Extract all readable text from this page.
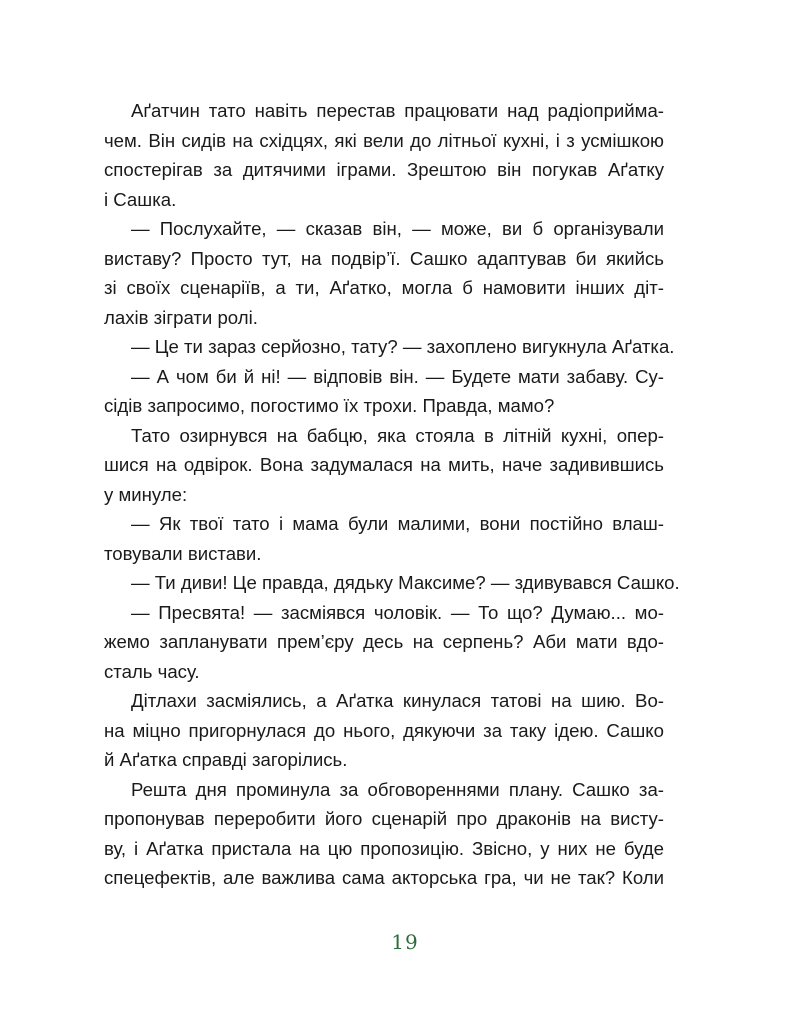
Аґатчин тато навіть перестав працювати над радіоприйма-
чем. Він сидів на східцях, які вели до літньої кухні, і з усмішкою
спостерігав за дитячими іграми. Зрештою він погукав Аґатку
і Сашка.
— Послухайте, — сказав він, — може, ви б організували
виставу? Просто тут, на подвір’ї. Сашко адаптував би якийсь
зі своїх сценаріїв, а ти, Аґатко, могла б намовити інших діт-
лахів зіграти ролі.
— Це ти зараз серйозно, тату? — захоплено вигукнула Аґатка.
— А чом би й ні! — відповів він. — Будете мати забаву. Су-
сідів запросимо, погостимо їх трохи. Правда, мамо?
Тато озирнувся на бабцю, яка стояла в літній кухні, опер-
шися на одвірок. Вона задумалася на мить, наче задивившись
у минуле:
— Як твої тато і мама були малими, вони постійно влаш-
товували вистави.
— Ти диви! Це правда, дядьку Максиме? — здивувався Сашко.
— Пресвята! — засміявся чоловік. — То що? Думаю... мо-
жемо запланувати прем’єру десь на серпень? Аби мати вдо-
сталь часу.
Дітлахи засміялись, а Аґатка кинулася татові на шию. Во-
на міцно пригорнулася до нього, дякуючи за таку ідею. Сашко
й Аґатка справді загорілись.
Решта дня проминула за обговореннями плану. Сашко за-
пропонував переробити його сценарій про драконів на висту-
ву, і Аґатка пристала на цю пропозицію. Звісно, у них не буде
спецефектів, але важлива сама акторська гра, чи не так? Коли
19
